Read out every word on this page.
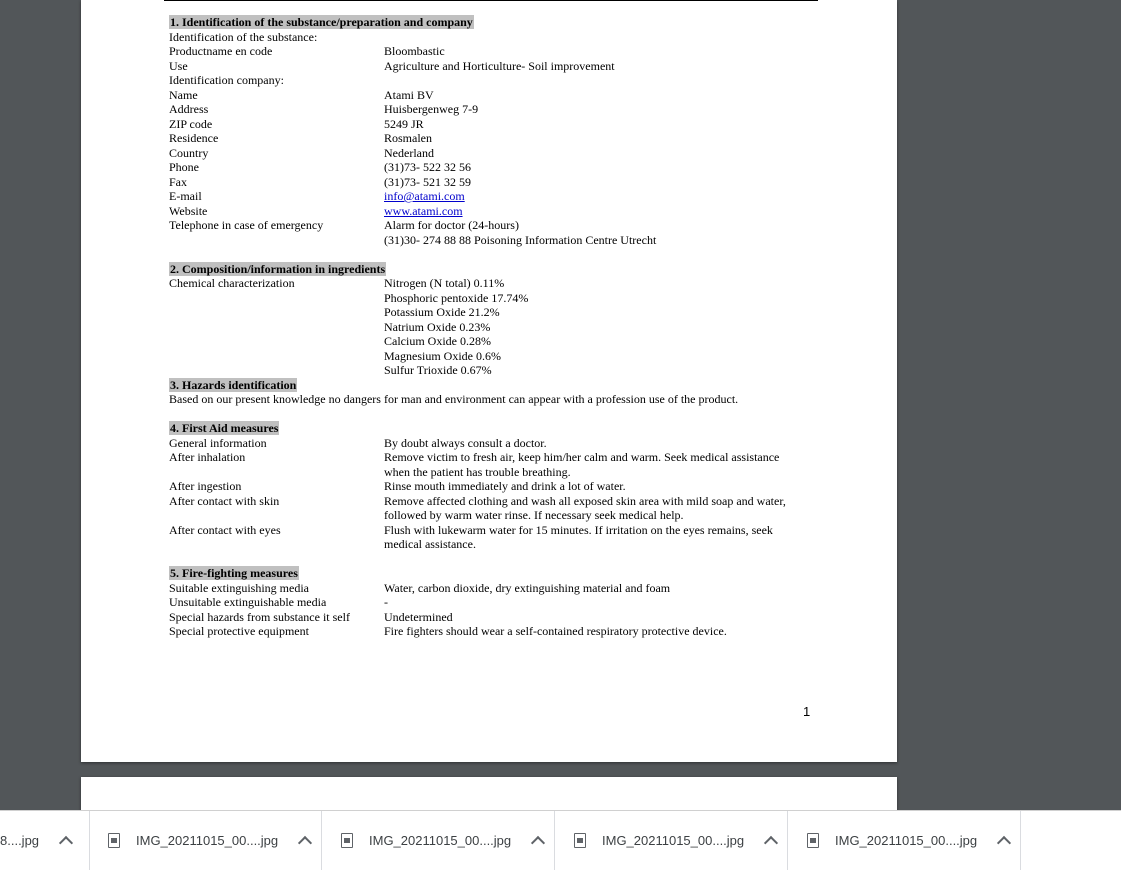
1. Identification of the substance/preparation and company
Identification of the substance:
Productname en code	Bloombastic
Use	Agriculture and Horticulture- Soil improvement
Identification company:
Name	Atami BV
Address	Huisbergenweg 7-9
ZIP code	5249 JR
Residence	Rosmalen
Country	Nederland
Phone	(31)73- 522 32 56
Fax	(31)73- 521 32 59
E-mail	info@atami.com
Website	www.atami.com
Telephone in case of emergency	Alarm for doctor (24-hours)
(31)30- 274 88 88 Poisoning Information Centre Utrecht
2. Composition/information in ingredients
Chemical characterization	Nitrogen (N total) 0.11%
Phosphoric pentoxide 17.74%
Potassium Oxide 21.2%
Natrium Oxide 0.23%
Calcium Oxide 0.28%
Magnesium Oxide 0.6%
Sulfur Trioxide 0.67%
3. Hazards identification
Based on our present knowledge no dangers for man and environment can appear with a profession use of the product.
4. First Aid measures
General information	By doubt always consult a doctor.
After inhalation	Remove victim to fresh air, keep him/her calm and warm. Seek medical assistance
when the patient has trouble breathing.
After ingestion	Rinse mouth immediately and drink a lot of water.
After contact with skin	Remove affected clothing and wash all exposed skin area with mild soap and water,
followed by warm water rinse. If necessary seek medical help.
After contact with eyes	Flush with lukewarm water for 15 minutes. If irritation on the eyes remains, seek
medical assistance.
5. Fire-fighting measures
Suitable extinguishing media	Water, carbon dioxide, dry extinguishing material and foam
Unsuitable extinguishable media	-
Special hazards from substance it self	Undetermined
Special protective equipment	Fire fighters should wear a self-contained respiratory protective device.
1
8....jpg	IMG_20211015_00....jpg	IMG_20211015_00....jpg	IMG_20211015_00....jpg	IMG_20211015_00....jpg
